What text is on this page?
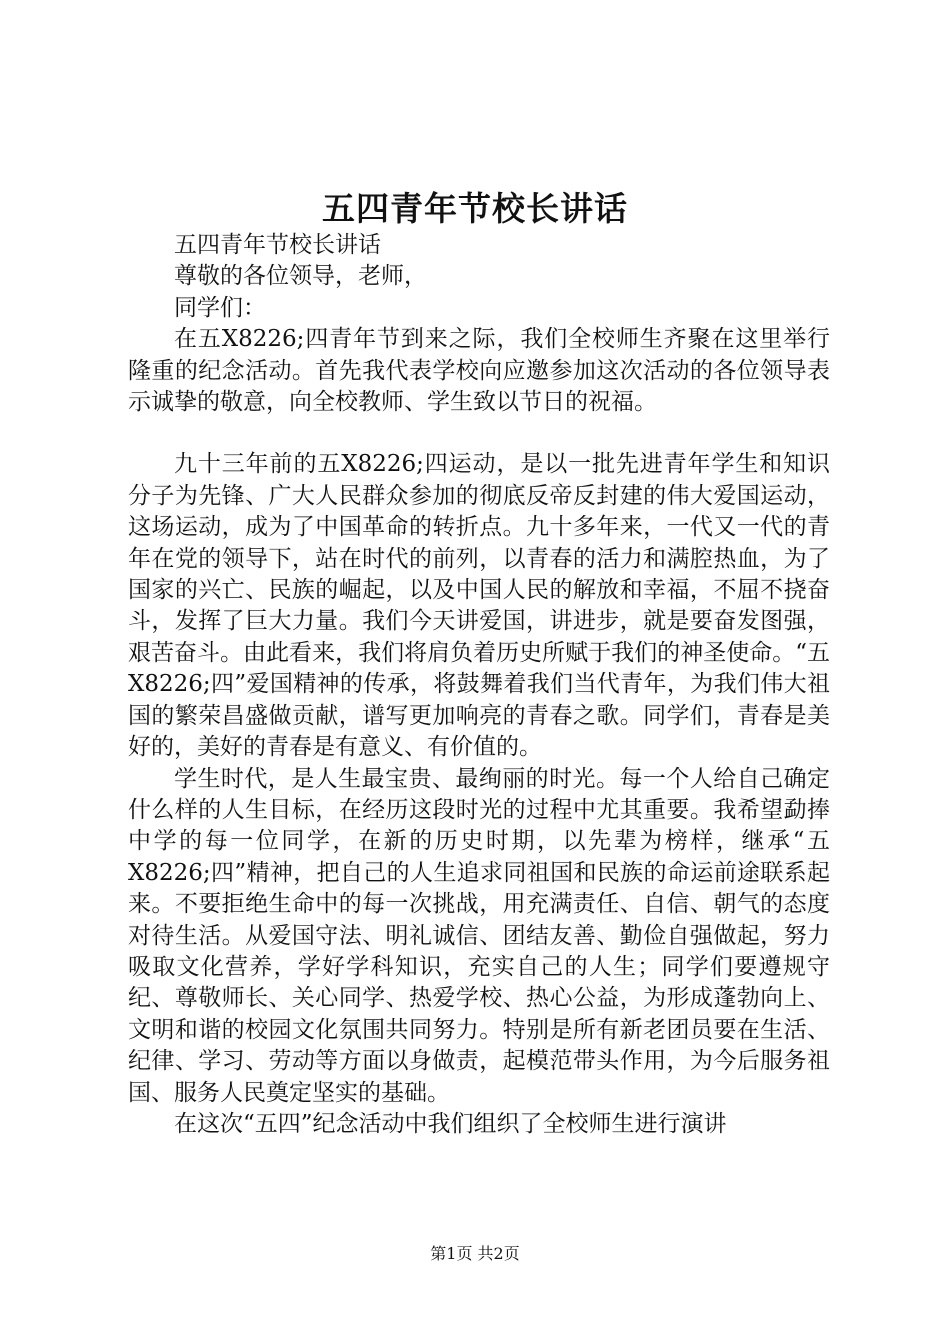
五四青年节校长讲话

五四青年节校长讲话

尊敬的各位领导，老师，

同学们：

在五X8226;四青年节到来之际，我们全校师生齐聚在这里举行隆重的纪念活动。首先我代表学校向应邀参加这次活动的各位领导表示诚挚的敬意，向全校教师、学生致以节日的祝福。

九十三年前的五X8226;四运动，是以一批先进青年学生和知识分子为先锋、广大人民群众参加的彻底反帝反封建的伟大爱国运动，这场运动，成为了中国革命的转折点。九十多年来，一代又一代的青年在党的领导下，站在时代的前列，以青春的活力和满腔热血，为了国家的兴亡、民族的崛起，以及中国人民的解放和幸福，不屈不挠奋斗，发挥了巨大力量。我们今天讲爱国，讲进步，就是要奋发图强，艰苦奋斗。由此看来，我们将肩负着历史所赋于我们的神圣使命。“五X8226;四”爱国精神的传承，将鼓舞着我们当代青年，为我们伟大祖国的繁荣昌盛做贡献，谱写更加响亮的青春之歌。同学们，青春是美好的，美好的青春是有意义、有价值的。

学生时代，是人生最宝贵、最绚丽的时光。每一个人给自己确定什么样的人生目标，在经历这段时光的过程中尤其重要。我希望勐捧中学的每一位同学，在新的历史时期，以先辈为榜样，继承“五X8226;四”精神，把自己的人生追求同祖国和民族的命运前途联系起来。不要拒绝生命中的每一次挑战，用充满责任、自信、朝气的态度对待生活。从爱国守法、明礼诚信、团结友善、勤俭自强做起，努力吸取文化营养，学好学科知识，充实自己的人生；同学们要遵规守纪、尊敬师长、关心同学、热爱学校、热心公益，为形成蓬勃向上、文明和谐的校园文化氛围共同努力。特别是所有新老团员要在生活、纪律、学习、劳动等方面以身做责，起模范带头作用，为今后服务祖国、服务人民奠定坚实的基础。

在这次“五四”纪念活动中我们组织了全校师生进行演讲

第1页 共2页
